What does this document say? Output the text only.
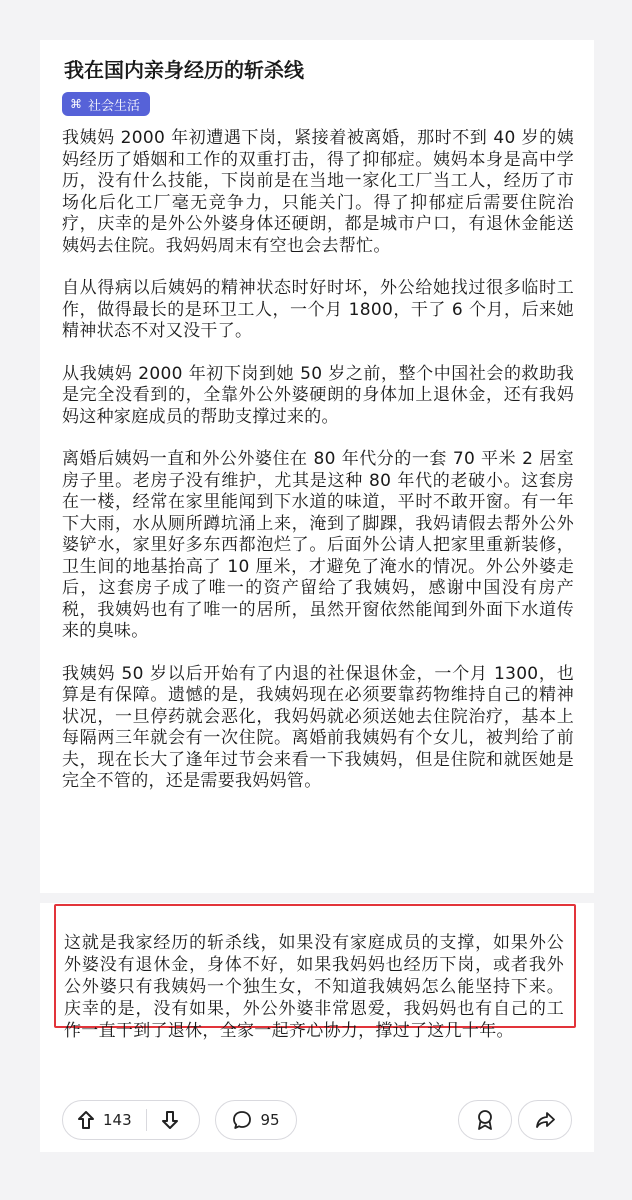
我在国内亲身经历的斩杀线
⌘ 社会生活

我姨妈 2000 年初遭遇下岗，紧接着被离婚，那时不到 40 岁的姨妈经历了婚姻和工作的双重打击，得了抑郁症。姨妈本身是高中学历，没有什么技能，下岗前是在当地一家化工厂当工人，经历了市场化后化工厂毫无竞争力，只能关门。得了抑郁症后需要住院治疗，庆幸的是外公外婆身体还硬朗，都是城市户口，有退休金能送姨妈去住院。我妈妈周末有空也会去帮忙。

自从得病以后姨妈的精神状态时好时坏，外公给她找过很多临时工作，做得最长的是环卫工人，一个月 1800，干了 6 个月，后来她精神状态不对又没干了。

从我姨妈 2000 年初下岗到她 50 岁之前，整个中国社会的救助我是完全没看到的，全靠外公外婆硬朗的身体加上退休金，还有我妈妈这种家庭成员的帮助支撑过来的。

离婚后姨妈一直和外公外婆住在 80 年代分的一套 70 平米 2 居室房子里。老房子没有维护，尤其是这种 80 年代的老破小。这套房在一楼，经常在家里能闻到下水道的味道，平时不敢开窗。有一年下大雨，水从厕所蹲坑涌上来，淹到了脚踝，我妈请假去帮外公外婆铲水，家里好多东西都泡烂了。后面外公请人把家里重新装修，卫生间的地基抬高了 10 厘米，才避免了淹水的情况。外公外婆走后，这套房子成了唯一的资产留给了我姨妈，感谢中国没有房产税，我姨妈也有了唯一的居所，虽然开窗依然能闻到外面下水道传来的臭味。

我姨妈 50 岁以后开始有了内退的社保退休金，一个月 1300，也算是有保障。遗憾的是，我姨妈现在必须要靠药物维持自己的精神状况，一旦停药就会恶化，我妈妈就必须送她去住院治疗，基本上每隔两三年就会有一次住院。离婚前我姨妈有个女儿，被判给了前夫，现在长大了逢年过节会来看一下我姨妈，但是住院和就医她是完全不管的，还是需要我妈妈管。

这就是我家经历的斩杀线，如果没有家庭成员的支撑，如果外公外婆没有退休金，身体不好，如果我妈妈也经历下岗，或者我外公外婆只有我姨妈一个独生女，不知道我姨妈怎么能坚持下来。庆幸的是，没有如果，外公外婆非常恩爱，我妈妈也有自己的工作一直干到了退休，全家一起齐心协力，撑过了这几十年。

143	95
